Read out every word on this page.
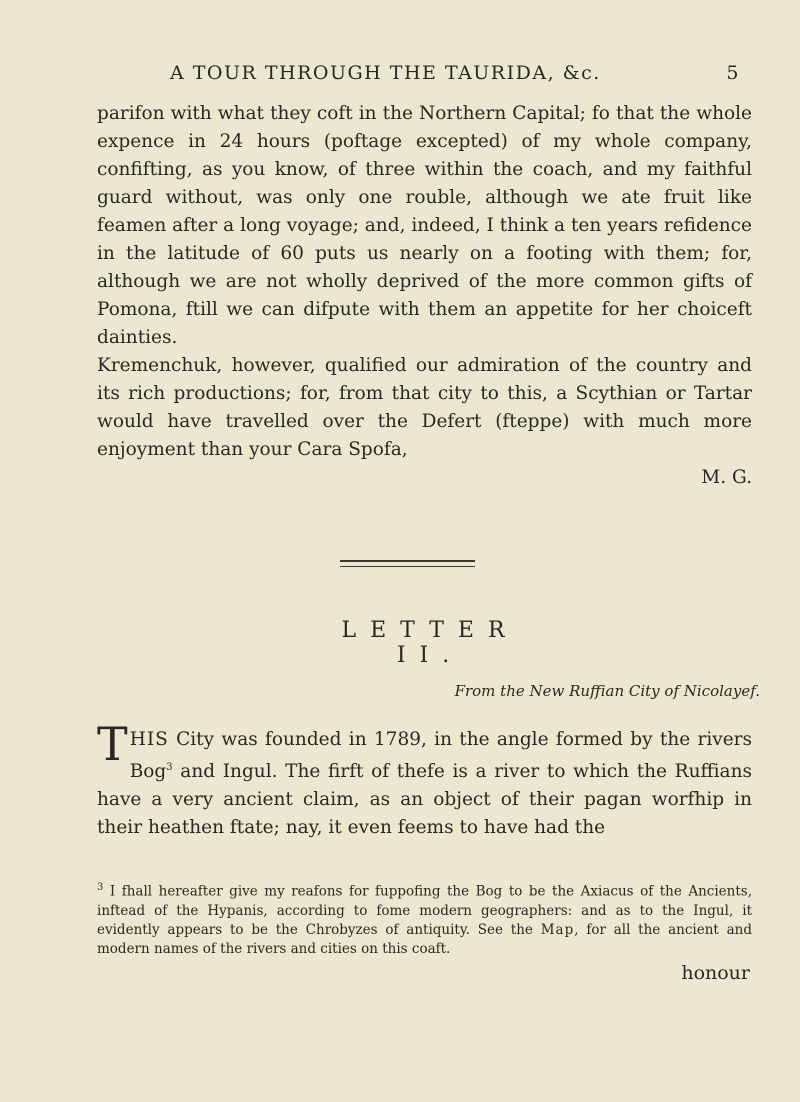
A TOUR THROUGH THE TAURIDA, &c.	5

parifon with what they coft in the Northern Capital; fo that the whole expence in 24 hours (poftage excepted) of my whole company, confifting, as you know, of three within the coach, and my faithful guard without, was only one rouble, although we ate fruit like feamen after a long voyage; and, indeed, I think a ten years refidence in the latitude of 60 puts us nearly on a footing with them; for, although we are not wholly deprived of the more common gifts of Pomona, ftill we can difpute with them an appetite for her choiceft dainties.

Kremenchuk, however, qualified our admiration of the country and its rich productions; for, from that city to this, a Scythian or Tartar would have travelled over the Defert (fteppe) with much more enjoyment than your Cara Spofa,

M. G.

LETTER II.
From the New Ruffian City of Nicolayef.
THIS City was founded in 1789, in the angle formed by the rivers Bog$^3$ and Ingul. The firft of thefe is a river to which the Ruffians have a very ancient claim, as an object of their pagan worfhip in their heathen ftate; nay, it even feems to have had the
$^3$ I fhall hereafter give my reafons for fuppofing the Bog to be the Axiacus of the Ancients, inftead of the Hypanis, according to fome modern geographers: and as to the Ingul, it evidently appears to be the Chrobyzes of antiquity. See the Map, for all the ancient and modern names of the rivers and cities on this coaft.
honour
